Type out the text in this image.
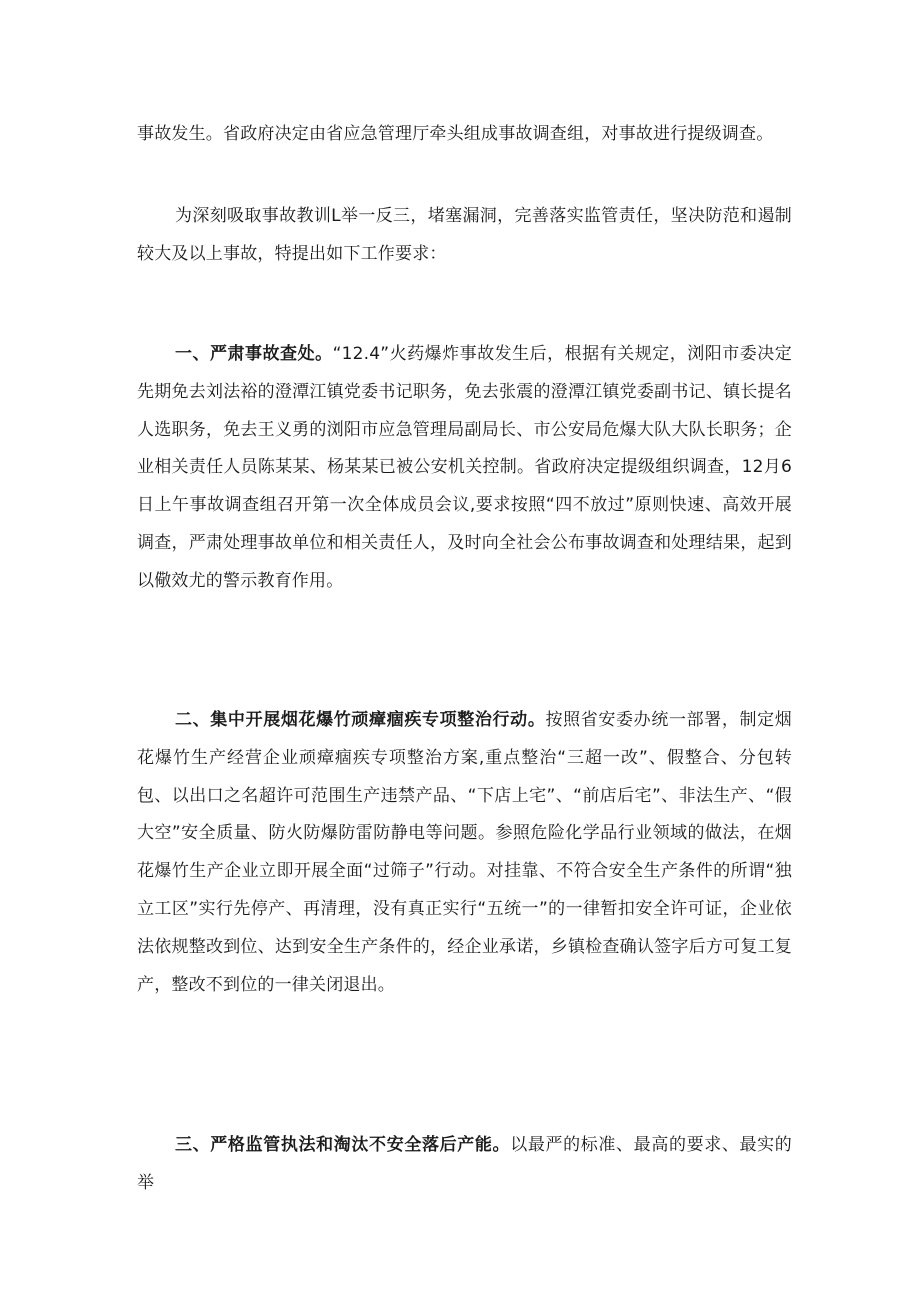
事故发生。省政府决定由省应急管理厅牵头组成事故调查组，对事故进行提级调查。

为深刻吸取事故教训L举一反三，堵塞漏洞，完善落实监管责任，坚决防范和遏制较大及以上事故，特提出如下工作要求：

一、严肃事故查处。“12.4”火药爆炸事故发生后，根据有关规定，浏阳市委决定先期免去刘法裕的澄潭江镇党委书记职务，免去张震的澄潭江镇党委副书记、镇长提名人选职务，免去王义勇的浏阳市应急管理局副局长、市公安局危爆大队大队长职务；企业相关责任人员陈某某、杨某某已被公安机关控制。省政府决定提级组织调查，12月6日上午事故调查组召开第一次全体成员会议,要求按照“四不放过”原则快速、高效开展调查，严肃处理事故单位和相关责任人，及时向全社会公布事故调查和处理结果，起到以儆效尤的警示教育作用。

二、集中开展烟花爆竹顽瘴痼疾专项整治行动。按照省安委办统一部署，制定烟花爆竹生产经营企业顽瘴痼疾专项整治方案,重点整治“三超一改”、假整合、分包转包、以出口之名超许可范围生产违禁产品、“下店上宅”、“前店后宅”、非法生产、“假大空”安全质量、防火防爆防雷防静电等问题。参照危险化学品行业领域的做法，在烟花爆竹生产企业立即开展全面“过筛子”行动。对挂靠、不符合安全生产条件的所谓“独立工区”实行先停产、再清理，没有真正实行“五统一”的一律暂扣安全许可证，企业依法依规整改到位、达到安全生产条件的，经企业承诺，乡镇检查确认签字后方可复工复产，整改不到位的一律关闭退出。

三、严格监管执法和淘汰不安全落后产能。以最严的标准、最高的要求、最实的举
